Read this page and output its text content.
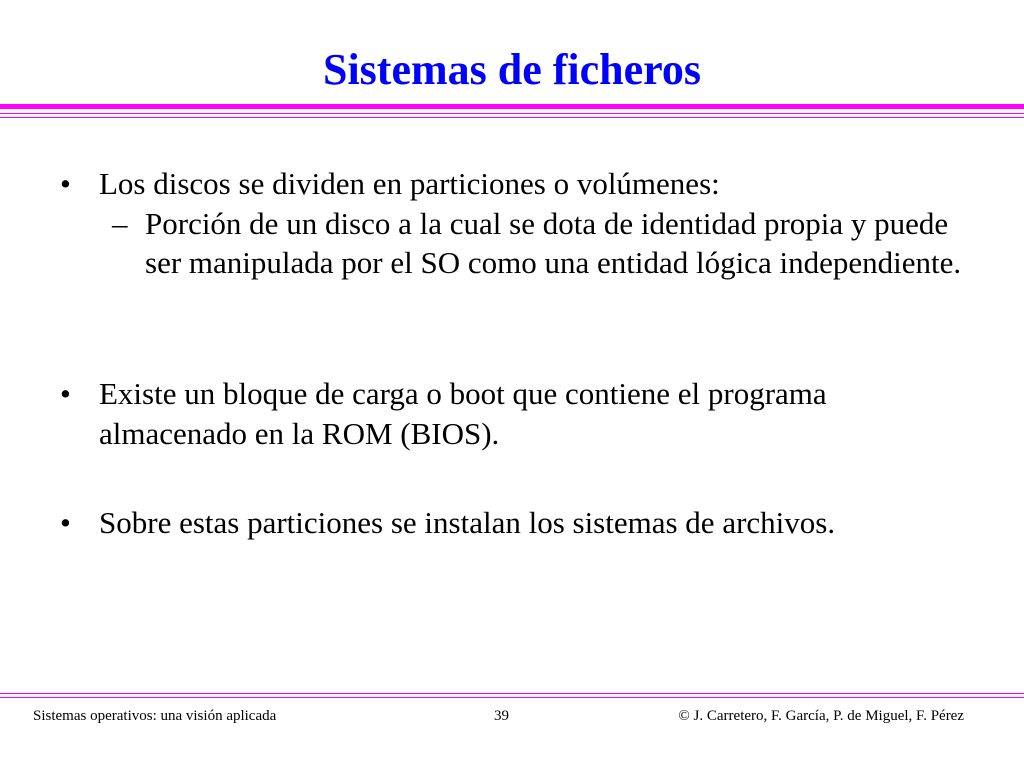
Sistemas de ficheros
• Los discos se dividen en particiones o volúmenes:

– Porción de un disco a la cual se dota de identidad propia y puede ser manipulada por el SO como una entidad lógica independiente.

• Existe un bloque de carga o boot que contiene el programa almacenado en la ROM (BIOS).

• Sobre estas particiones se instalan los sistemas de archivos.

Sistemas operativos: una visión aplicada	39	© J. Carretero, F. García, P. de Miguel, F. Pérez
